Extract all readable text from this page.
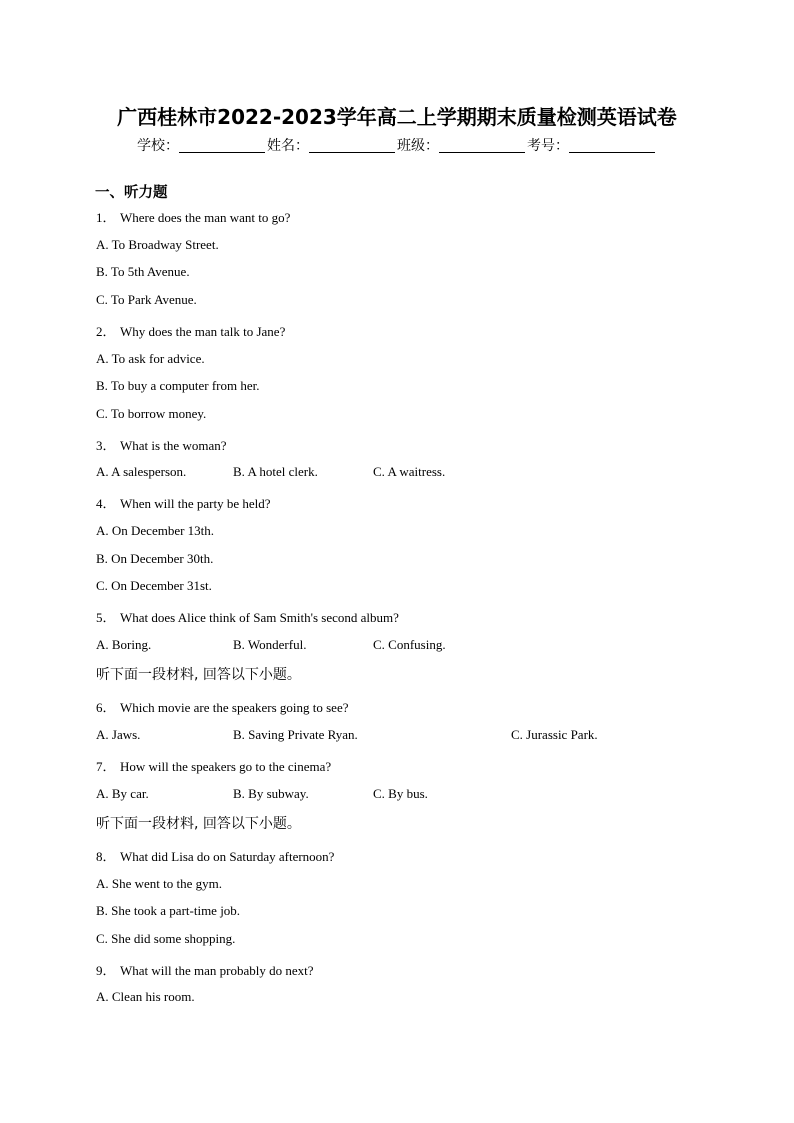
广西桂林市2022-2023学年高二上学期期末质量检测英语试卷
学校：	姓名：	班级：	考号：
一、听力题
1． Where does the man want to go?
A. To Broadway Street.
B. To 5th Avenue.
C. To Park Avenue.
2． Why does the man talk to Jane?
A. To ask for advice.
B. To buy a computer from her.
C. To borrow money.
3． What is the woman?
A. A salesperson.	B. A hotel clerk.	C. A waitress.
4． When will the party be held?
A. On December 13th.
B. On December 30th.
C. On December 31st.
5． What does Alice think of Sam Smith's second album?
A. Boring.	B. Wonderful.	C. Confusing.
听下面一段材料, 回答以下小题。
6． Which movie are the speakers going to see?
A. Jaws.	B. Saving Private Ryan.	C. Jurassic Park.
7． How will the speakers go to the cinema?
A. By car.	B. By subway.	C. By bus.
听下面一段材料, 回答以下小题。
8． What did Lisa do on Saturday afternoon?
A. She went to the gym.
B. She took a part-time job.
C. She did some shopping.
9． What will the man probably do next?
A. Clean his room.
